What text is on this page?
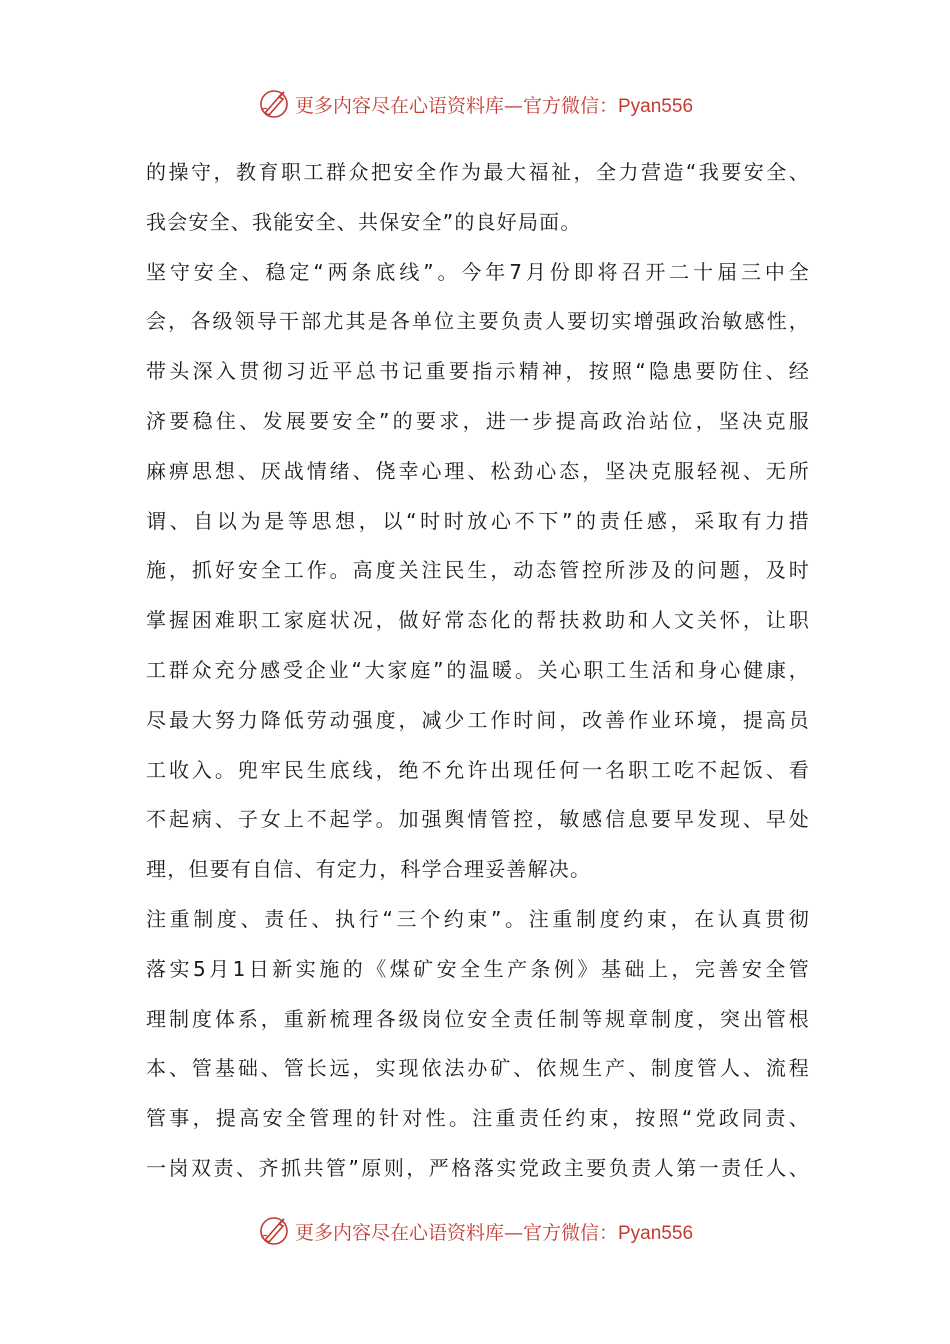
更多内容尽在心语资料库—官方微信：Pyan556
的操守，教育职工群众把安全作为最大福祉，全力营造“我要安全、
我会安全、我能安全、共保安全”的良好局面。
坚守安全、稳定“两条底线”。今年7月份即将召开二十届三中全
会，各级领导干部尤其是各单位主要负责人要切实增强政治敏感性，
带头深入贯彻习近平总书记重要指示精神，按照“隐患要防住、经
济要稳住、发展要安全”的要求，进一步提高政治站位，坚决克服
麻痹思想、厌战情绪、侥幸心理、松劲心态，坚决克服轻视、无所
谓、自以为是等思想，以“时时放心不下”的责任感，采取有力措
施，抓好安全工作。高度关注民生，动态管控所涉及的问题，及时
掌握困难职工家庭状况，做好常态化的帮扶救助和人文关怀，让职
工群众充分感受企业“大家庭”的温暖。关心职工生活和身心健康，
尽最大努力降低劳动强度，减少工作时间，改善作业环境，提高员
工收入。兜牢民生底线，绝不允许出现任何一名职工吃不起饭、看
不起病、子女上不起学。加强舆情管控，敏感信息要早发现、早处
理，但要有自信、有定力，科学合理妥善解决。
注重制度、责任、执行“三个约束”。注重制度约束，在认真贯彻
落实5月1日新实施的《煤矿安全生产条例》基础上，完善安全管
理制度体系，重新梳理各级岗位安全责任制等规章制度，突出管根
本、管基础、管长远，实现依法办矿、依规生产、制度管人、流程
管事，提高安全管理的针对性。注重责任约束，按照“党政同责、
一岗双责、齐抓共管”原则，严格落实党政主要负责人第一责任人、
更多内容尽在心语资料库—官方微信：Pyan556
